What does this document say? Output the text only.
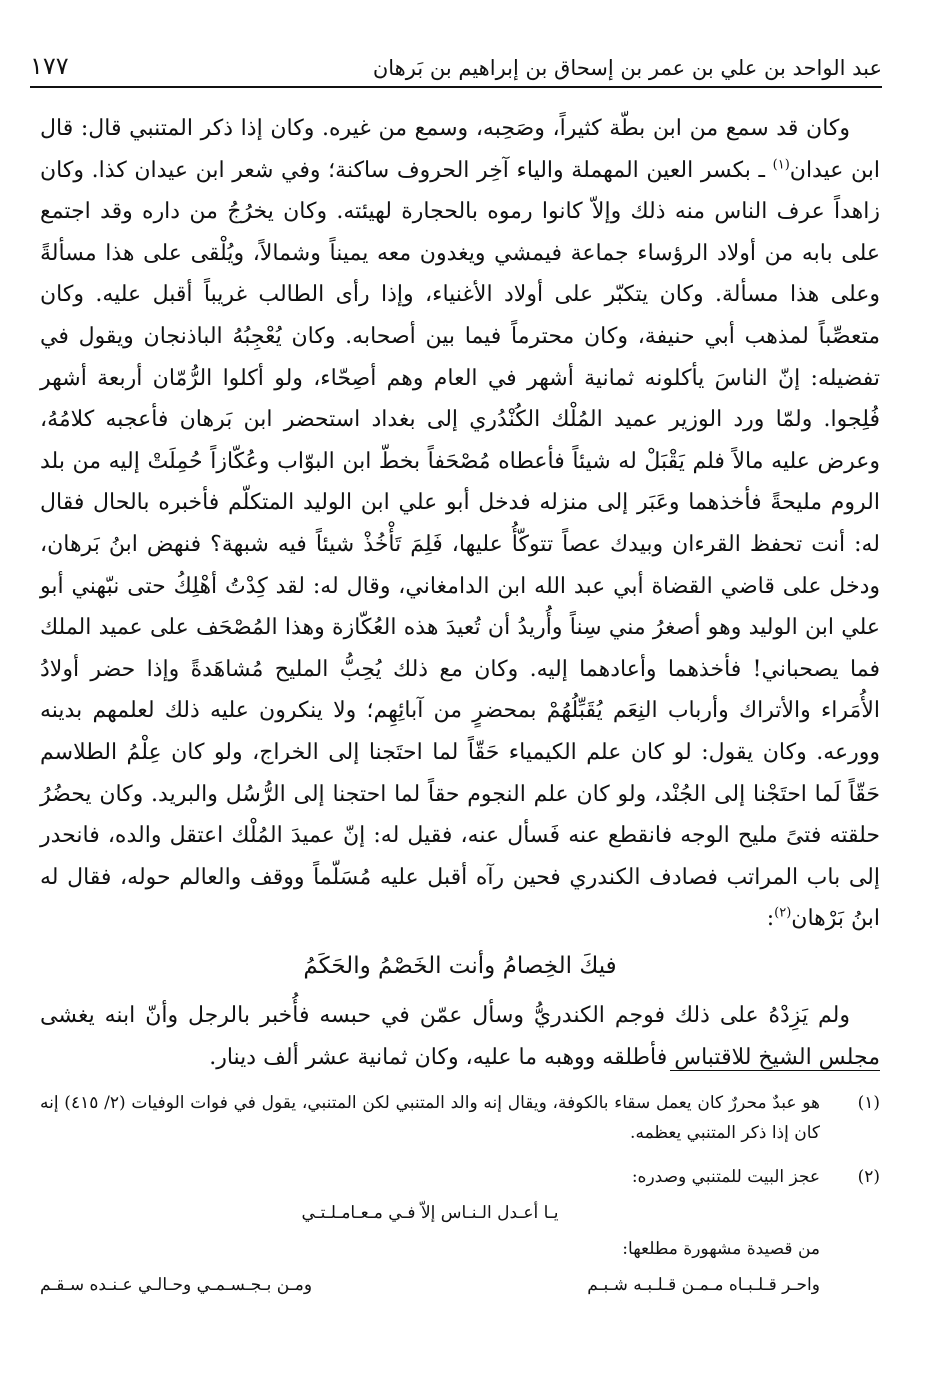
عبد الواحد بن علي بن عمر بن إسحاق بن إبراهيم بن بَرهان
١٧٧

وكان قد سمع من ابن بطّة كثيراً، وصَحِبه، وسمع من غيره. وكان إذا ذكر المتنبي قال: قال ابن عيدان$^{(١)}$ ـ بكسر العين المهملة والياء آخِر الحروف ساكنة؛ وفي شعر ابن عيدان كذا. وكان زاهداً عرف الناس منه ذلك وإلاّ كانوا رموه بالحجارة لهيئته. وكان يخرُجُ من داره وقد اجتمع على بابه من أولاد الرؤساء جماعة فيمشي ويغدون معه يميناً وشمالاً، ويُلْقى على هذا مسألةً وعلى هذا مسألة. وكان يتكبّر على أولاد الأغنياء، وإذا رأى الطالب غريباً أقبل عليه. وكان متعصِّباً لمذهب أبي حنيفة، وكان محترماً فيما بين أصحابه. وكان يُعْجِبُهُ الباذنجان ويقول في تفضيله: إنّ الناسَ يأكلونه ثمانية أشهر في العام وهم أصِحّاء، ولو أكلوا الرُّمّان أربعة أشهر فُلِجوا. ولمّا ورد الوزير عميد المُلْك الكُنْدُري إلى بغداد استحضر ابن بَرهان فأعجبه كلامُهُ، وعرض عليه مالاً فلم يَقْبَلْ له شيئاً فأعطاه مُصْحَفاً بخطّ ابن البوّاب وعُكّازاً حُمِلَتْ إليه من بلد الروم مليحةً فأخذهما وعَبَر إلى منزله فدخل أبو علي ابن الوليد المتكلّم فأخبره بالحال فقال له: أنت تحفظ القرءان وبيدك عصاً تتوكّأُ عليها، فَلِمَ تَأْخُذْ شيئاً فيه شبهة؟ فنهض ابنُ بَرهان، ودخل على قاضي القضاة أبي عبد الله ابن الدامغاني، وقال له: لقد كِدْتُ أهْلِكُ حتى نبّهني أبو علي ابن الوليد وهو أصغرُ مني سِناً وأُريدُ أن تُعيدَ هذه العُكّازة وهذا المُصْحَف على عميد الملك فما يصحباني! فأخذهما وأعادهما إليه. وكان مع ذلك يُحِبُّ المليح مُشاهَدةً وإذا حضر أولادُ الأُمَراء والأتراك وأرباب النِعَم يُقَبِّلُهُمْ بمحضرٍ من آبائِهِم؛ ولا ينكرون عليه ذلك لعلمهم بدينه وورعه. وكان يقول: لو كان علم الكيمياء حَقّاً لما احتَجنا إلى الخراج، ولو كان عِلْمُ الطلاسم حَقّاً لَما احتَجْنا إلى الجُنْد، ولو كان علم النجوم حقاً لما احتجنا إلى الرُّسُل والبريد. وكان يحضُرُ حلقته فتىً مليح الوجه فانقطع عنه فَسأل عنه، فقيل له: إنّ عميدَ المُلْك اعتقل والده، فانحدر إلى باب المراتب فصادف الكندري فحين رآه أقبل عليه مُسَلّماً ووقف والعالم حوله، فقال له ابنُ بَرْهان$^{(٢)}$:

فيكَ الخِصامُ وأنت الخَصْمُ والحَكَمُ

ولم يَزِدْهُ على ذلك فوجم الكندريُّ وسأل عمّن في حبسه فأُخبر بالرجل وأنّ ابنه يغشى مجلس الشيخ للاقتباس فأطلقه ووهبه ما عليه، وكان ثمانية عشر ألف دينار.

(١)
هو عبدٌ محررٌ كان يعمل سقاء بالكوفة، ويقال إنه والد المتنبي لكن المتنبي، يقول في فوات الوفيات (٢/ ٤١٥) إنه كان إذا ذكر المتنبي يعظمه.
(٢)
عجز البيت للمتنبي وصدره:
يـا أعـدل الـنـاس إلاّ فـي مـعـامـلـتـي
من قصيدة مشهورة مطلعها:
واحـر قـلـبـاه مـمـن قـلـبـه شـبـم
ومـن بـجـسـمـي وحـالـي عـنـده سـقـم
